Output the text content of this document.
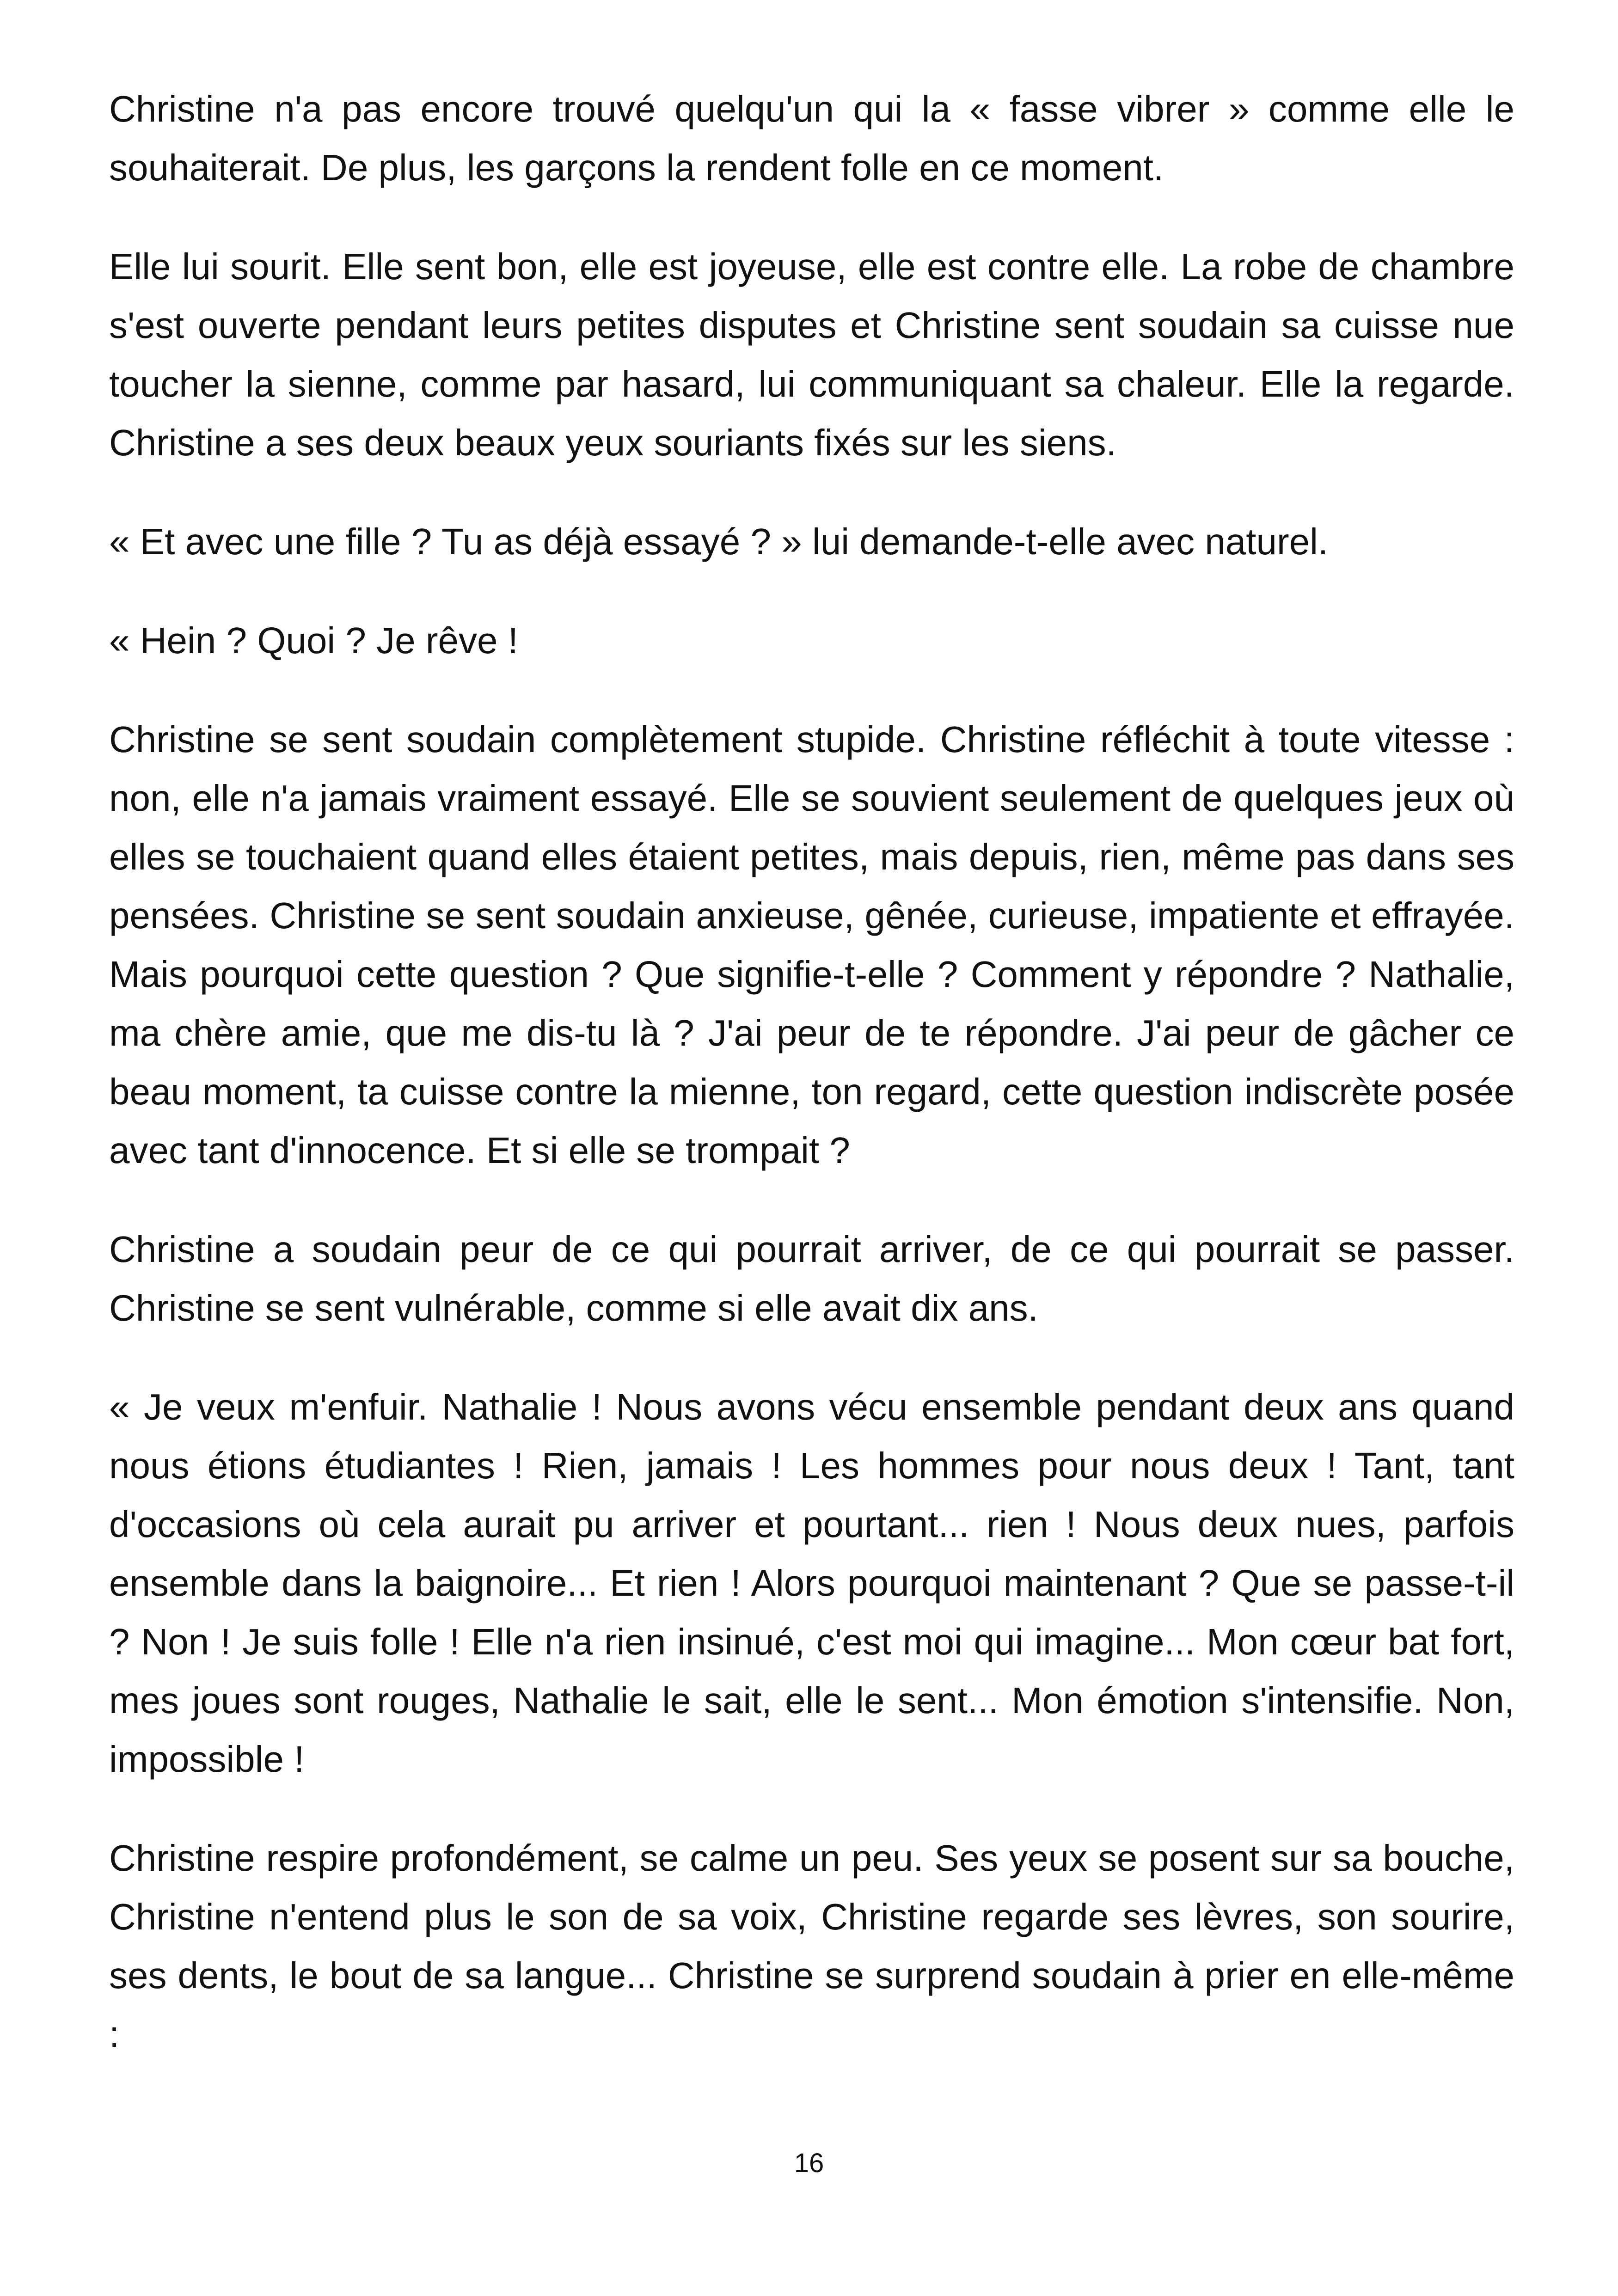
Christine n'a pas encore trouvé quelqu'un qui la « fasse vibrer » comme elle le souhaiterait. De plus, les garçons la rendent folle en ce moment.

Elle lui sourit. Elle sent bon, elle est joyeuse, elle est contre elle. La robe de chambre s'est ouverte pendant leurs petites disputes et Christine sent soudain sa cuisse nue toucher la sienne, comme par hasard, lui communiquant sa chaleur. Elle la regarde. Christine a ses deux beaux yeux souriants fixés sur les siens.

« Et avec une fille ? Tu as déjà essayé ? » lui demande-t-elle avec naturel.

« Hein ? Quoi ? Je rêve !

Christine se sent soudain complètement stupide. Christine réfléchit à toute vitesse : non, elle n'a jamais vraiment essayé. Elle se souvient seulement de quelques jeux où elles se touchaient quand elles étaient petites, mais depuis, rien, même pas dans ses pensées. Christine se sent soudain anxieuse, gênée, curieuse, impatiente et effrayée. Mais pourquoi cette question ? Que signifie-t-elle ? Comment y répondre ? Nathalie, ma chère amie, que me dis-tu là ? J'ai peur de te répondre. J'ai peur de gâcher ce beau moment, ta cuisse contre la mienne, ton regard, cette question indiscrète posée avec tant d'innocence. Et si elle se trompait ?

Christine a soudain peur de ce qui pourrait arriver, de ce qui pourrait se passer. Christine se sent vulnérable, comme si elle avait dix ans.

« Je veux m'enfuir. Nathalie ! Nous avons vécu ensemble pendant deux ans quand nous étions étudiantes ! Rien, jamais ! Les hommes pour nous deux ! Tant, tant d'occasions où cela aurait pu arriver et pourtant... rien ! Nous deux nues, parfois ensemble dans la baignoire... Et rien ! Alors pourquoi maintenant ? Que se passe-t-il ? Non ! Je suis folle ! Elle n'a rien insinué, c'est moi qui imagine... Mon cœur bat fort, mes joues sont rouges, Nathalie le sait, elle le sent... Mon émotion s'intensifie. Non, impossible !

Christine respire profondément, se calme un peu. Ses yeux se posent sur sa bouche, Christine n'entend plus le son de sa voix, Christine regarde ses lèvres, son sourire, ses dents, le bout de sa langue... Christine se surprend soudain à prier en elle-même :

16
